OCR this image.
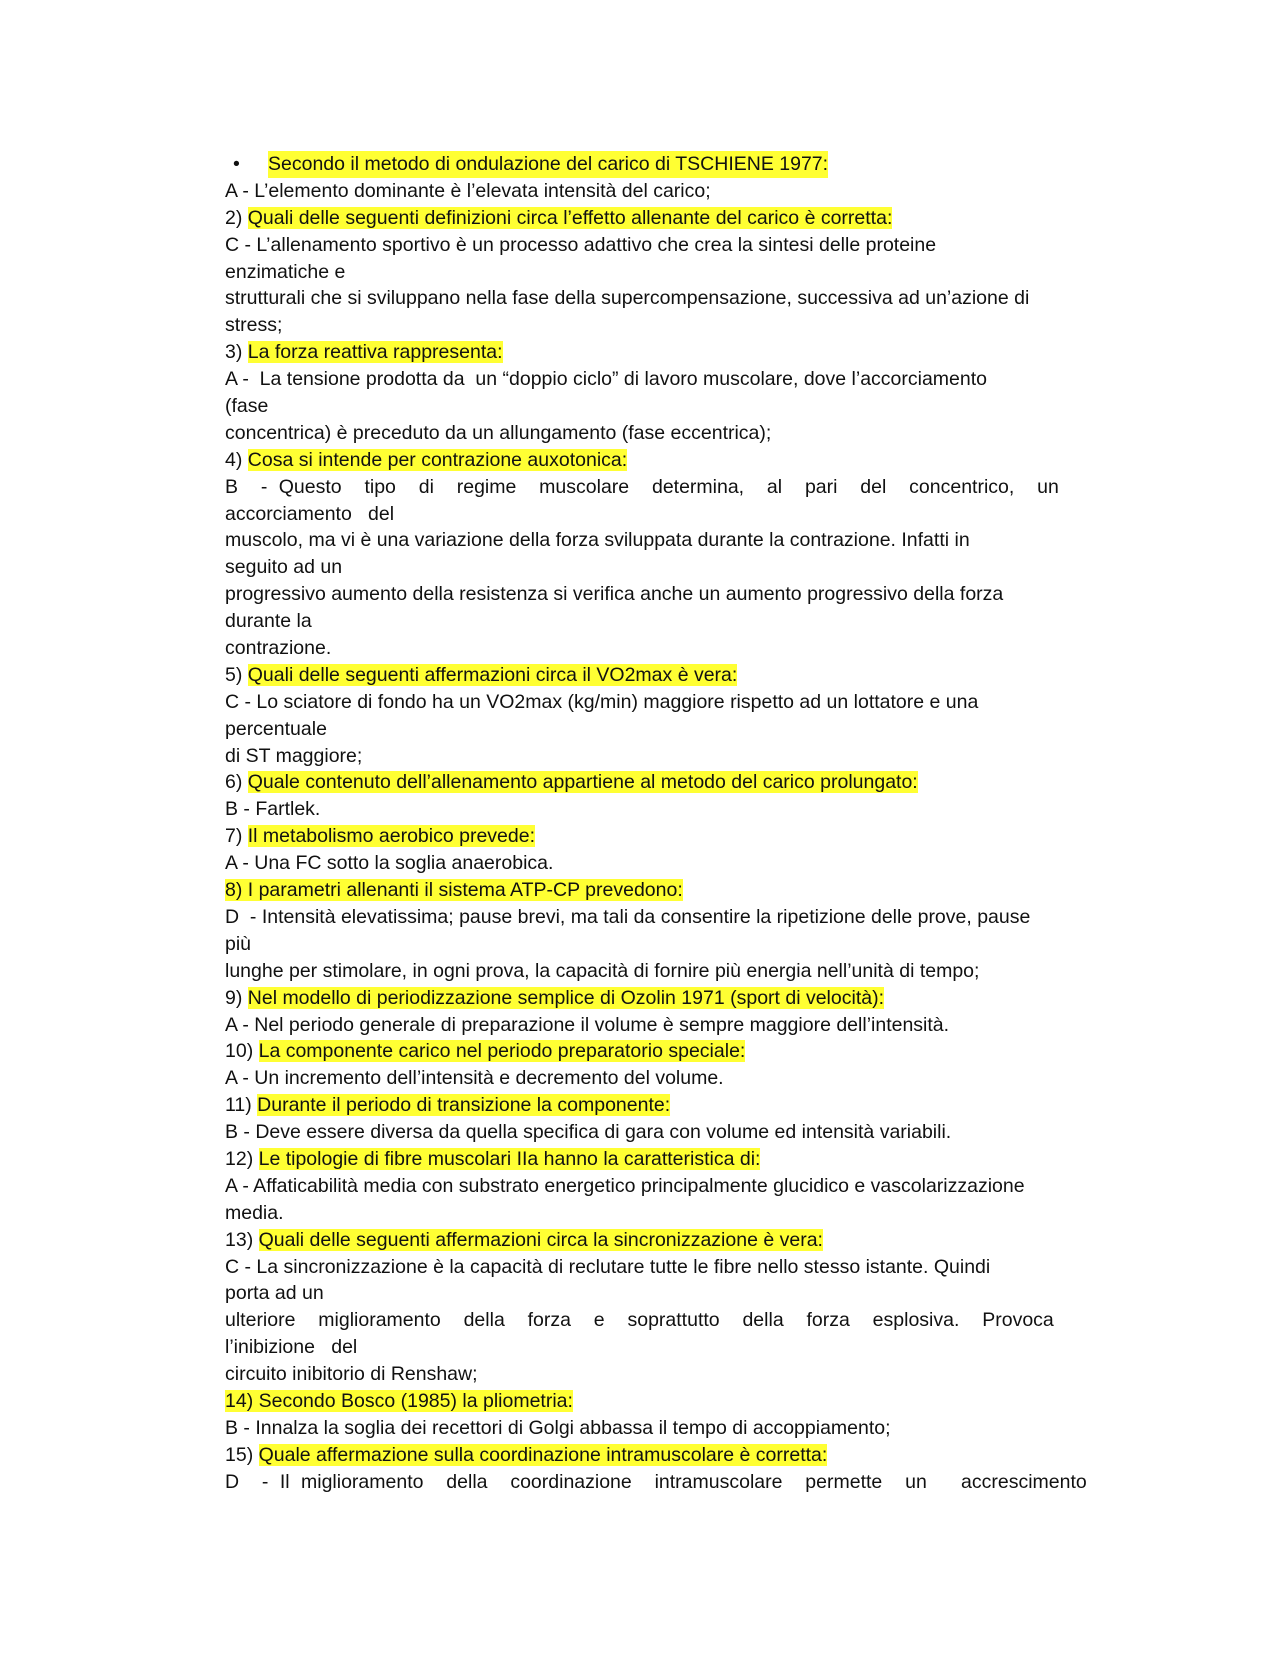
• Secondo il metodo di ondulazione del carico di TSCHIENE 1977:
A - L’elemento dominante è l’elevata intensità del carico;
2) Quali delle seguenti definizioni circa l’effetto allenante del carico è corretta:
C - L’allenamento sportivo è un processo adattivo che crea la sintesi delle proteine
enzimatiche e
strutturali che si sviluppano nella fase della supercompensazione, successiva ad un’azione di
stress;
3) La forza reattiva rappresenta:
A -  La tensione prodotta da  un “doppio ciclo” di lavoro muscolare, dove l’accorciamento
(fase
concentrica) è preceduto da un allungamento (fase eccentrica);
4) Cosa si intende per contrazione auxotonica:
B  - Questo  tipo  di  regime  muscolare  determina,  al  pari  del  concentrico,  un
accorciamento   del
muscolo, ma vi è una variazione della forza sviluppata durante la contrazione. Infatti in
seguito ad un
progressivo aumento della resistenza si verifica anche un aumento progressivo della forza
durante la
contrazione.
5) Quali delle seguenti affermazioni circa il VO2max è vera:
C - Lo sciatore di fondo ha un VO2max (kg/min) maggiore rispetto ad un lottatore e una
percentuale
di ST maggiore;
6) Quale contenuto dell’allenamento appartiene al metodo del carico prolungato:
B - Fartlek.
7) Il metabolismo aerobico prevede:
A - Una FC sotto la soglia anaerobica.
8) I parametri allenanti il sistema ATP-CP prevedono:
D  - Intensità elevatissima; pause brevi, ma tali da consentire la ripetizione delle prove, pause
più
lunghe per stimolare, in ogni prova, la capacità di fornire più energia nell’unità di tempo;
9) Nel modello di periodizzazione semplice di Ozolin 1971 (sport di velocità):
A - Nel periodo generale di preparazione il volume è sempre maggiore dell’intensità.
10) La componente carico nel periodo preparatorio speciale:
A - Un incremento dell’intensità e decremento del volume.
11) Durante il periodo di transizione la componente:
B - Deve essere diversa da quella specifica di gara con volume ed intensità variabili.
12) Le tipologie di fibre muscolari IIa hanno la caratteristica di:
A - Affaticabilità media con substrato energetico principalmente glucidico e vascolarizzazione
media.
13) Quali delle seguenti affermazioni circa la sincronizzazione è vera:
C - La sincronizzazione è la capacità di reclutare tutte le fibre nello stesso istante. Quindi
porta ad un
ulteriore  miglioramento  della  forza  e  soprattutto  della  forza  esplosiva.  Provoca
l’inibizione   del
circuito inibitorio di Renshaw;
14) Secondo Bosco (1985) la pliometria:
B - Innalza la soglia dei recettori di Golgi abbassa il tempo di accoppiamento;
15) Quale affermazione sulla coordinazione intramuscolare è corretta:
D  - Il miglioramento  della  coordinazione  intramuscolare  permette  un   accrescimento
